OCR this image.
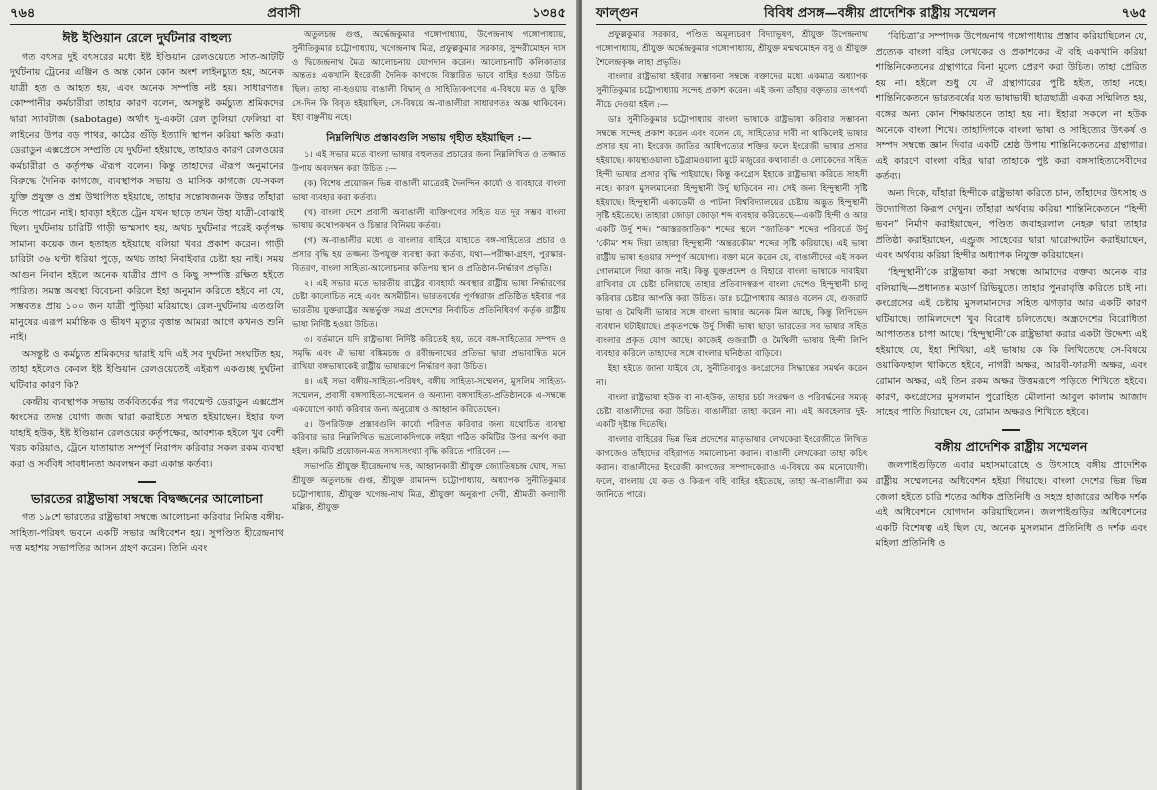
৭৬৪	প্রবাসী	১৩৪৫
ঈষ্ট ইণ্ডিয়ান রেলে দুর্ঘটনার বাহুল্য

গত বৎসর দুই বৎসরের মধ্যে ইষ্ট ইণ্ডিয়ান রেলওয়েতে সাত-আটটি দুর্ঘটনায় ট্রেনের এঞ্জিন ও অন্ত কোন কোন অংশ লাইনচ্যুত হয়, অনেক যাত্রী হত ও আহত হয়, এবং অনেক সম্পত্তি নষ্ট হয়। সাধারণতঃ কোম্পানীর কর্মচারীরা তাহার কারণ বলেন, অসন্তুষ্ট কর্মচ্যুত শ্রমিকদের দ্বারা স্যাবটাজ (sabotage) অর্থাৎ দু-একটা রেল তুলিয়া ফেলিয়া বা লাইনের উপর বড় পাথর, কাঠের গুঁড়ি ইত্যাদি স্থাপন করিয়া ক্ষতি করা। ডেরাডুন এক্সপ্রেসে সম্প্রতি যে দুর্ঘটনা হইয়াছে, তাহারও কারণ রেলওয়ের কর্মচারীরা ও কর্তৃপক্ষ ঐরূপ বলেন। কিন্তু তাহাদের ঐরূপ অনুমানের বিরুদ্ধে দৈনিক কাগজে, ব্যবস্থাপক সভায় ও মাসিক কাগজে যে-সকল যুক্তি প্রযুক্ত ও প্রশ্ন উত্থাপিত হইয়াছে, তাহার সন্তোষজনক উত্তর তাঁহারা দিতে পারেন নাই। হাবড়া হইতে ট্রেন যখন ছাড়ে তখন উহা যাত্রী-বোঝাই ছিল। দুর্ঘটনায় চারিটি গাড়ী ভস্মসাৎ হয়, অথচ দুর্ঘটনার পরেই কর্তৃপক্ষ সামান্য কয়েক জন হতাহত হইয়াছে বলিয়া খবর প্রকাশ করেন। গাড়ী চারিটা ৩৬ ঘণ্টা ধরিয়া পুড়ে, অথচ তাহা নিবাইবার চেষ্টা হয় নাই। সময় আগুন নিবান হইলে অনেক যাত্রীর প্রাণ ও কিছু সম্পত্তি রক্ষিত হইতে পারিত। সমস্ত অবস্থা বিবেচনা করিলে ইহা অনুমান করিতে হইবে না যে, সম্ভবতঃ প্রায় ১০০ জন যাত্রী পুড়িয়া মরিয়াছে। রেল-দুর্ঘটনায় এতগুলি মানুষের এরূপ মর্মান্তিক ও ভীষণ মৃত্যুর বৃত্তান্ত আমরা আগে কখনও শুনি নাই।

অসন্তুষ্ট ও কর্মচ্যুত শ্রমিকদের দ্বারাই যদি এই সব দুর্ঘটনা সংঘটিত হয়, তাহা হইলেও কেবল ইষ্ট ইণ্ডিয়ান রেলওয়েতেই এইরূপ একগুচ্ছ দুর্ঘটনা ঘটিবার কারণ কি?

কেন্দ্রীয় ব্যবস্থাপক সভায় তর্কবিতর্কের পর গবন্মেণ্ট ডেরাডুন এক্সপ্রেস ধ্বংসের তদন্ত যোগ্য জজ দ্বারা করাইতে সম্মত হইয়াছেন। ইহার ফল যাহাই হউক, ইষ্ট ইণ্ডিয়ান রেলওয়ের কর্তৃপক্ষের, আবশ্যক হইলে খুব বেশী খরচ করিয়াও, ট্রেনে যাতায়াত সম্পূর্ণ নিরাপদ করিবার সকল রকম ব্যবস্থা করা ও সর্ববিধ সাবধানতা অবলম্বন করা একান্ত কর্তব্য।

ভারতের রাষ্ট্রভাষা সম্বন্ধে বিদ্বজ্জনের আলোচনা

গত ১৯শে ভারতের রাষ্ট্রভাষা সম্বন্ধে আলোচনা করিবার নিমিত্ত বঙ্গীয়-সাহিত্য-পরিষৎ ভবনে একটি সভার অধিবেশন হয়। সুপণ্ডিত হীরেন্দ্রনাথ দত্ত মহাশয় সভাপতির আসন গ্রহণ করেন। তিনি এবং

অতুলচন্দ্র গুপ্ত, অর্দ্ধেন্দ্রকুমার গঙ্গোপাধ্যায়, উপেন্দ্রনাথ গঙ্গোপাধ্যায়, সুনীতিকুমার চট্টোপাধ্যায়, খগেন্দ্রনাথ মিত্র, প্রফুল্লকুমার সরকার, সুন্দরীমোহন দাস ও দ্বিজেন্দ্রনাথ মৈত্র আলোচনায় যোগদান করেন। আলোচনাটি কলিকাতার অন্ততঃ একখানি ইংরেজী দৈনিক কাগজে বিস্তারিত ভাবে বাহির হওয়া উচিত ছিল। তাহা না-হওয়ায় বাঙালী বিদ্বান্ ও সাহিত্যিকগণের এ-বিষয়ে মত ও যুক্তি সে-দিন কি বিবৃত হইয়াছিল, সে-বিষয়ে অ-বাঙালীরা সাধারণতঃ অজ্ঞ থাকিবেন। ইহা বাঞ্ছনীয় নহে।

নিম্নলিখিত প্রস্তাবগুলি সভায় গৃহীত হইয়াছিল :—

১। এই সভার মতে বাংলা ভাষার বহুলতর প্রচারের জন্য নিম্নলিখিত ও তজ্জাত উপায় অবলম্বন করা উচিত :—

(ক) বিশেষ প্রয়োজন ভিন্ন বাঙালী মাত্রেরই দৈনন্দিন কার্য্যে ও ব্যবহারে বাংলা ভাষা ব্যবহার করা কর্তব্য।

(খ) বাংলা দেশে প্রবাসী অবাঙালী ব্যক্তিগণের সহিত যত দূর সম্ভব বাংলা ভাষায় কথোপকথন ও চিন্তার বিনিময় কর্তব্য।

(গ) অ-বাঙালীর মধ্যে ও বাংলার বাহিরে যাহাতে বঙ্গ-সাহিত্যের প্রচার ও প্রসার বৃদ্ধি হয় তজ্জন্য উপযুক্ত ব্যবস্থা করা কর্তব্য, যথা—পরীক্ষা-গ্রহণ, পুরস্কার-বিতরণ, বাংলা সাহিত্য-আলোচনার কতিপয় স্থান ও প্রতিষ্ঠান-নির্দ্ধারণ প্রভৃতি।

২। এই সভার মতে ভারতীয় রাষ্ট্রের ব্যবহার্য্য অবস্থার রাষ্ট্রীয় ভাষা নির্দ্ধারণের চেষ্টা কালোচিত নহে এবং অসমীচীন। ভারতবর্ষের পূর্ণস্বরাজ প্রতিষ্ঠিত হইবার পর ভারতীয় যুক্তরাষ্ট্রের অন্তর্ভুক্ত সমগ্র প্রদেশের নির্বাচিত প্রতিনিধিবর্গ কর্তৃক রাষ্ট্রীয় ভাষা নির্দিষ্ট হওয়া উচিত।

৩। বর্তমানে যদি রাষ্ট্রভাষা নির্দিষ্ট করিতেই হয়, তবে বঙ্গ-সাহিত্যের সম্পদ ও সমৃদ্ধি এবং ঐ ভাষা বঙ্কিমচন্দ্র ও রবীন্দ্রনাথের প্রতিভা দ্বারা প্রভাবান্বিত মনে রাখিয়া বঙ্গভাষাকেই রাষ্ট্রীয় ভাষারূপে নির্দ্ধারণ করা উচিত।

৪। এই সভা বঙ্গীয়-সাহিত্য-পরিষৎ, বঙ্গীয় সাহিত্য-সম্মেলন, মুসলিম সাহিত্য-সম্মেলন, প্রবাসী বঙ্গসাহিত্য-সম্মেলন ও অন্যান্য বঙ্গসাহিত্য-প্রতিষ্ঠানকে এ-সম্বন্ধে একযোগে কার্য্য করিবার জন্য অনুরোধ ও আহ্বান করিতেছেন।

৫। উপরিউক্ত প্রস্তাবগুলি কার্য্যে পরিণত করিবার জন্য যথোচিত ব্যবস্থা করিবার ভার নিম্নলিখিত ভদ্রলোকদিগকে লইয়া গঠিত কমিটির উপর অর্পণ করা হইল। কমিটি প্রয়োজন-মত সদস্যসংখ্যা বৃদ্ধি করিতে পারিবেন :—

সভাপতি শ্রীযুক্ত হীরেন্দ্রনাথ দত্ত, আহ্বানকারী শ্রীযুক্ত জ্যোতিষচন্দ্র ঘোষ, সভ্য শ্রীযুক্ত অতুলচন্দ্র গুপ্ত, শ্রীযুক্ত রামানন্দ চট্টোপাধ্যায়, অধ্যাপক সুনীতিকুমার চট্টোপাধ্যায়, শ্রীযুক্ত খগেন্দ্র-নাথ মিত্র, শ্রীযুক্তা অনুরূপা দেবী, শ্রীমতী কল্যাণী মল্লিক, শ্রীযুক্ত

ফাল্গুন	বিবিধ প্রসঙ্গ—বঙ্গীয় প্রাদেশিক রাষ্ট্রীয় সম্মেলন	৭৬৫

প্রফুল্লকুমার সরকার, পণ্ডিত অমূল্যচরণ বিদ্যাভূষণ, শ্রীযুক্ত উপেন্দ্রনাথ গঙ্গোপাধ্যায়, শ্রীযুক্ত অর্দ্ধেন্দ্রকুমার গঙ্গোপাধ্যায়, শ্রীযুক্ত মন্মথমোহন বসু ও শ্রীযুক্ত শৈলেন্দ্রকৃষ্ণ লাহা প্রভৃতি।

বাংলার রাষ্ট্রভাষা হইবার সম্ভাবনা সম্বন্ধে বক্তাদের মধ্যে একমাত্র অধ্যাপক সুনীতিকুমার চট্টোপাধ্যায় সন্দেহ প্রকাশ করেন। এই জন্য তাঁহার বক্তৃতার তাৎপর্য্য নীচে দেওয়া হইল :—

ডাঃ সুনীতিকুমার চট্টোপাধ্যায় বাংলা ভাষাকে রাষ্ট্রভাষা করিবার সম্ভাবনা সম্বন্ধে সন্দেহ প্রকাশ করেন এবং বলেন যে, সাহিত্যের দাবী না থাকিলেই ভাষার প্রসার হয় না। ইংরেজ জাতির আধিপত্যের শক্তির ফলে ইংরেজী ভাষার প্রসার হইয়াছে। কায়স্থ্যওয়ালা চট্টগ্রামওয়ালা মুটে মজুরের কথাবার্তা ও লোকেদের সহিত হিন্দী ভাষার প্রসার বৃদ্ধি পাইয়াছে। কিন্তু কংগ্রেস ইহাকে রাষ্ট্রভাষা করিতে সাহসী নহে। কারণ মুসলমানেরা হিন্দুস্থানী উর্দু ছাড়িবেন না। সেই জন্য হিন্দুস্থানী সৃষ্টি হইয়াছে। হিন্দুস্থানী একাডেমী ও পাটনা বিশ্ববিদ্যালয়ের চেষ্টায় অদ্ভুত হিন্দুস্থানী সৃষ্টি হইতেছে। তাহারা জোড়া জোড়া শব্দ ব্যবহার করিতেছে—একটি হিন্দী ও আর একটি উর্দু শব্দ। “আস্তরজাতিক” শব্দের স্থলে “জাতিক” শব্দের পরিবর্তে উর্দু ‘কৌম’ শব্দ দিয়া তাহারা হিন্দুস্থানী ‘অন্তরকৌম’ শব্দের সৃষ্টি করিয়াছে। এই ভাষা রাষ্ট্রীয় ভাষা হওয়ার সম্পূর্ণ অযোগ্য। বক্তা মনে করেন যে, বাঙালীদের এই সকল গোলমালে গিয়া কাজ নাই। কিন্তু যুক্তপ্রদেশ ও বিহারে বাংলা ভাষাকে দাবাইয়া রাখিবার যে চেষ্টা চলিয়াছে তাহার প্রতিবাদস্বরূপ বাংলা দেশেও হিন্দুস্থানী চালু করিবার চেষ্টার আপত্তি করা উচিত। ডাঃ চট্টোপাধ্যায় আরও বলেন যে, গুজরাট ভাষা ও মৈথিলী ভাষার সঙ্গে বাংলা ভাষার অনেক মিল আছে, কিন্তু লিপিভেদ ব্যবধান ঘটাইয়াছে। প্রকৃতপক্ষে উর্দু সিন্ধী ভাষা ছাড়া ভারতের সব ভাষার সহিত বাংলার প্রকৃত যোগ আছে। কাজেই গুজরাটী ও মৈথিলী ভাষায় হিন্দী লিপি ব্যবহার করিলে তাহাদের সঙ্গে বাংলার ঘনিষ্ঠতা বাড়িবে।

ইহা হইতে জানা যাইবে যে, সুনীতিবাবুও কংগ্রেসের সিদ্ধান্তের সমর্থন করেন না।

বাংলা রাষ্ট্রভাষা হউক বা না-হউক, তাহার চর্চা সংরক্ষণ ও পরিবর্দ্ধনের সম্যক্ চেষ্টা বাঙালীদের করা উচিত। বাঙালীরা তাহা করেন না। এই অবহেলার দুই-একটি দৃষ্টান্ত দিতেছি।

বাংলার বাহিরের ভিন্ন ভিন্ন প্রদেশের মাতৃভাষার লেখকেরা ইংরেজীতে লিখিত কাগজেও তাঁহাদের বহিরাগত সমালোচনা করান। বাঙালী লেখকেরা তাহা কচিৎ করান। বাঙালীদের ইংরেজী কাগজের সম্পাদকেরাও এ-বিষয়ে কম মনোযোগী। ফলে, বাংলায় যে কত ও কিরূপ বহি বাহির হইতেছে, তাহা অ-বাঙালীরা কম জানিতে পারে।

‘বিচিত্রা’র সম্পাদক উপেন্দ্রনাথ গঙ্গোপাধ্যায় প্রস্তাব করিয়াছিলেন যে, প্রত্যেক বাংলা বহির লেখকের ও প্রকাশকের ঐ বহি একখানি করিয়া শান্তিনিকেতনের গ্রন্থাগারে বিনা মূল্যে প্রেরণ করা উচিত। তাহা প্রেরিত হয় না। হইলে শুধু যে ঐ গ্রন্থাগারের পুষ্টি হইত, তাহা নহে। শান্তিনিকেতনে ভারতবর্ষের যত ভাষাভাষী ছাত্রছাত্রী একত্র সম্মিলিত হয়, বঙ্গের অন্য কোন শিক্ষায়তনে তাহা হয় না। ইহারা সকলে না হউক অনেকে বাংলা শিখে। তাহাদিগকে বাংলা ভাষা ও সাহিত্যের উৎকর্ষ ও সম্পদ সম্বন্ধে জ্ঞান দিবার একটি শ্রেষ্ঠ উপায় শান্তিনিকেতনের গ্রন্থাগার। এই কারণে বাংলা বহির দ্বারা তাহাকে পুষ্ট করা বঙ্গসাহিত্যসেবীদের কর্তব্য।

অন্য দিকে, যাঁহারা হিন্দীকে রাষ্ট্রভাষা করিতে চান, তাঁহাদের উৎসাহ ও উদ্যোগিতা কিরূপ দেখুন। তাঁহারা অর্থব্যয় করিয়া শান্তিনিকেতনে “হিন্দী ভবন” নির্মাণ করাইয়াছেন, পণ্ডিত জবাহরলাল নেহরু দ্বারা তাহার প্রতিষ্ঠা করাইয়াছেন, এণ্ড্রুজ সাহেবের দ্বারা দ্বারোদ্ঘাটন করাইয়াছেন, এবং অর্থব্যয় করিয়া হিন্দীর অধ্যাপক নিযুক্ত করিয়াছেন।

‘হিন্দুস্থানী’কে রাষ্ট্রভাষা করা সম্বন্ধে আমাদের বক্তব্য অনেক বার বলিয়াছি—প্রধানতঃ মডার্ণ রিভিয়ুতে। তাহার পুনরাবৃত্তি করিতে চাই না। কংগ্রেসের এই চেষ্টায় মুসলমানদের সহিত ঝগড়ার আর একটি কারণ ঘটিয়াছে। তামিলদেশে খুব বিরোধ চলিতেছে। অন্ধ্রদেশের বিরোধিতা আপাততঃ চাপা আছে। ‘হিন্দুস্থানী’কে রাষ্ট্রভাষা করার একটা উদ্দেশ্য এই হইয়াছে যে, ইহা শিখিয়া, এই ভাষায় কে কি লিখিতেছে সে-বিষয়ে ওয়াকিফহাল থাকিতে হইবে, নাগরী অক্ষর, আরবী-ফারসী অক্ষর, এবং রোমান অক্ষর, এই তিন রকম অক্ষর উত্তমরূপে পড়িতে শিখিতে হইবে। কারণ, কংগ্রেসের মুসলমান পুরোহিত মৌলানা আবুল কালাম আজাদ সাহেব পাতি দিয়াছেন যে, রোমান অক্ষরও শিখিতে হইবে।

বঙ্গীয় প্রাদেশিক রাষ্ট্রীয় সম্মেলন

জলপাইগুড়িতে এবার মহাসমারোহে ও উৎসাহে বঙ্গীয় প্রাদেশিক রাষ্ট্রীয় সম্মেলনের অধিবেশন হইয়া গিয়াছে। বাংলা দেশের ভিন্ন ভিন্ন জেলা হইতে চারি শতের অধিক প্রতিনিধি ও সহস্র হাজারের অধিক দর্শক এই অধিবেশনে যোগদান করিয়াছিলেন। জলপাইগুড়ির অধিবেশনের একটি বিশেষত্ব এই ছিল যে, অনেক মুসলমান প্রতিনিধি ও দর্শক এবং মহিলা প্রতিনিধি ও
